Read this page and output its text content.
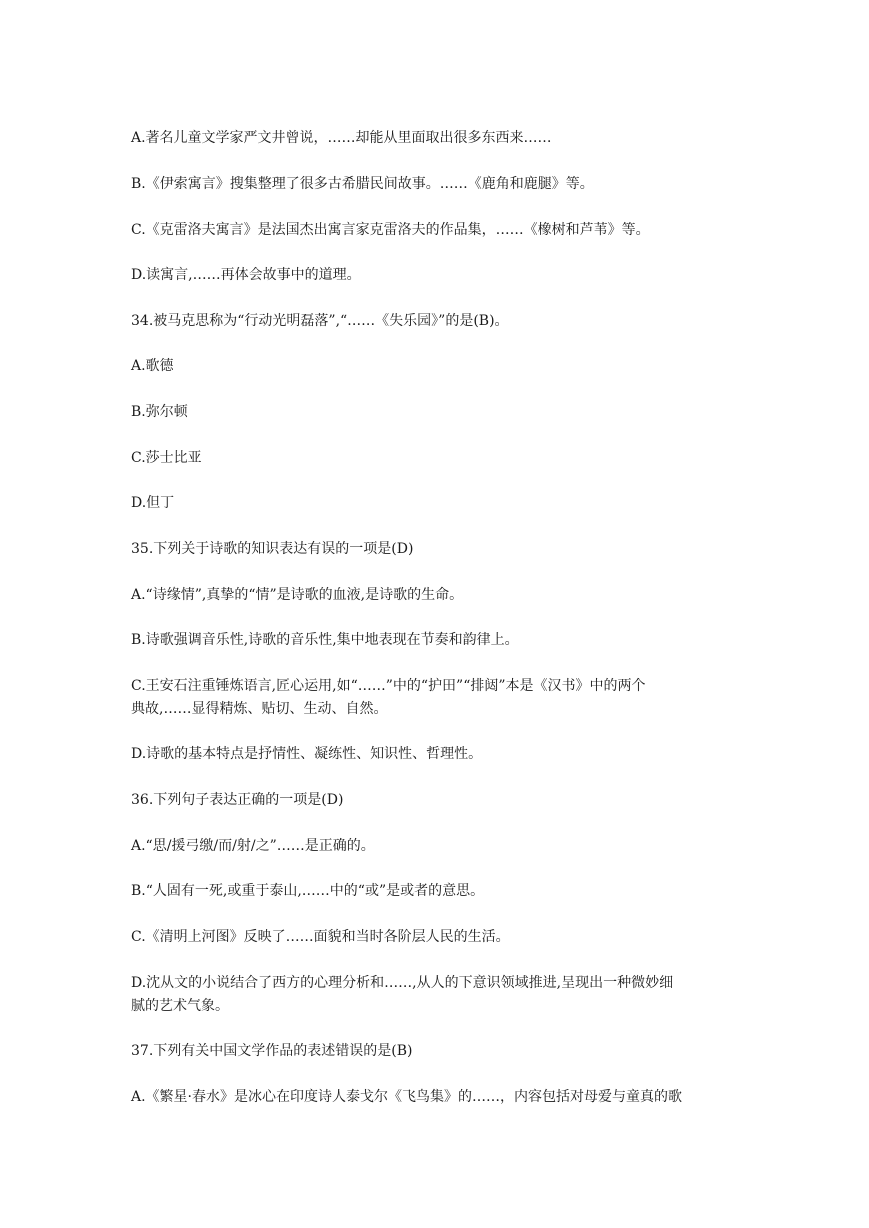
A.著名儿童文学家严文井曾说，……却能从里面取出很多东西来……
B.《伊索寓言》搜集整理了很多古希腊民间故事。……《鹿角和鹿腿》等。
C.《克雷洛夫寓言》是法国杰出寓言家克雷洛夫的作品集，……《橡树和芦苇》等。
D.读寓言,……再体会故事中的道理。
34.被马克思称为“行动光明磊落”,“……《失乐园》”的是(B)。
A.歌德
B.弥尔顿
C.莎士比亚
D.但丁
35.下列关于诗歌的知识表达有误的一项是(D)
A.“诗缘情”,真挚的“情”是诗歌的血液,是诗歌的生命。
B.诗歌强调音乐性,诗歌的音乐性,集中地表现在节奏和韵律上。
C.王安石注重锤炼语言,匠心运用,如“……”中的“护田”“排闼”本是《汉书》中的两个
典故,……显得精炼、贴切、生动、自然。
D.诗歌的基本特点是抒情性、凝练性、知识性、哲理性。
36.下列句子表达正确的一项是(D)
A.“思/援弓缴/而/射/之”……是正确的。
B.“人固有一死,或重于泰山,……中的“或”是或者的意思。
C.《清明上河图》反映了……面貌和当时各阶层人民的生活。
D.沈从文的小说结合了西方的心理分析和……,从人的下意识领域推进,呈现出一种微妙细
腻的艺术气象。
37.下列有关中国文学作品的表述错误的是(B)
A.《繁星·春水》是冰心在印度诗人泰戈尔《飞鸟集》的……，内容包括对母爱与童真的歌
